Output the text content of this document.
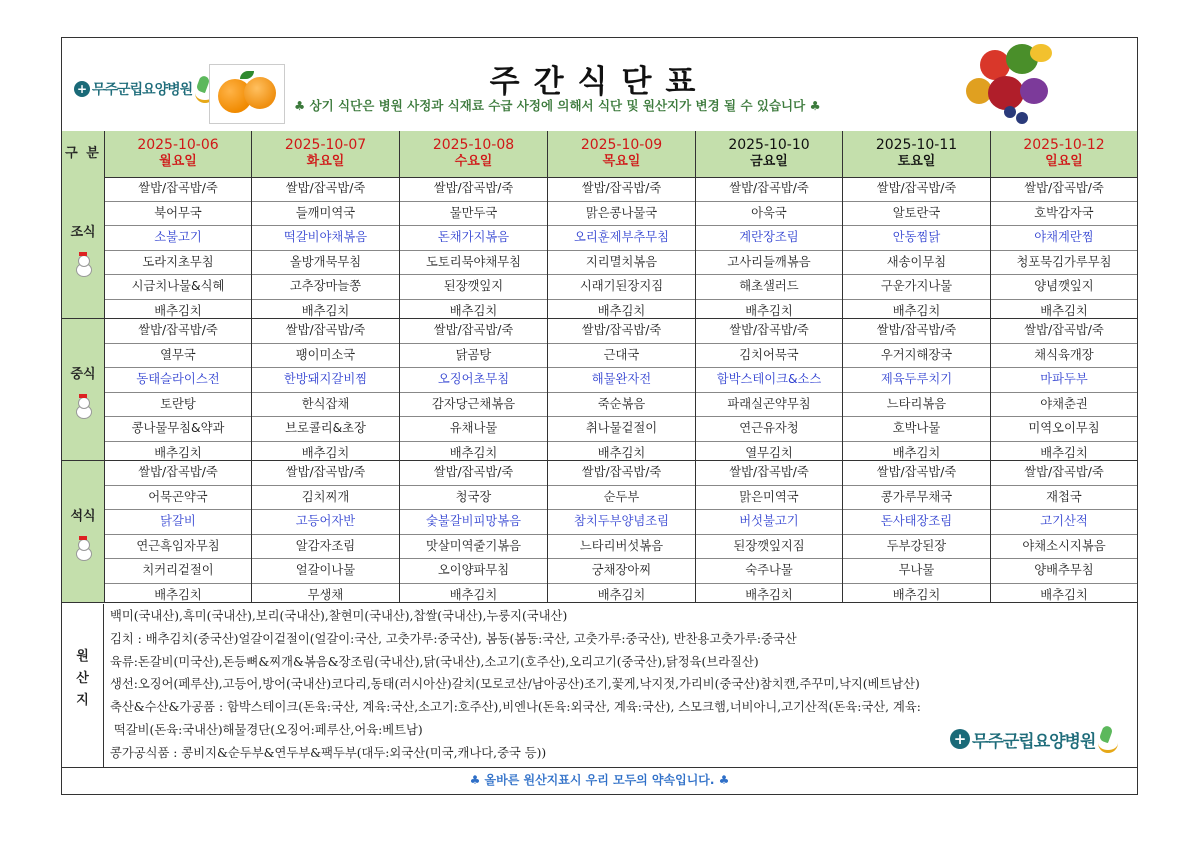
+ 무주군립요양병원	주간식단표
♣ 상기 식단은 병원 사정과 식재료 수급 사정에 의해서 식단 및 원산지가 변경 될 수 있습니다 ♣
구 분
2025-10-06
월요일
2025-10-07
화요일
2025-10-08
수요일
2025-10-09
목요일
2025-10-10
금요일
2025-10-11
토요일
2025-10-12
일요일
조식
쌀밥/잡곡밥/죽
북어무국
소불고기
도라지초무침
시금치나물&식혜
배추김치
쌀밥/잡곡밥/죽
들깨미역국
떡갈비야채볶음
올방개묵무침
고추장마늘쫑
배추김치
쌀밥/잡곡밥/죽
물만두국
돈채가지볶음
도토리묵야채무침
된장깻잎지
배추김치
쌀밥/잡곡밥/죽
맑은콩나물국
오리훈제부추무침
지리멸치볶음
시래기된장지짐
배추김치
쌀밥/잡곡밥/죽
아욱국
계란장조림
고사리들깨볶음
해초샐러드
배추김치
쌀밥/잡곡밥/죽
알토란국
안동찜닭
새송이무침
구운가지나물
배추김치
쌀밥/잡곡밥/죽
호박감자국
야채계란찜
청포묵김가루무침
양념깻잎지
배추김치
중식
쌀밥/잡곡밥/죽
열무국
동태슬라이스전
토란탕
콩나물무침&약과
배추김치
쌀밥/잡곡밥/죽
팽이미소국
한방돼지갈비찜
한식잡채
브로콜리&초장
배추김치
쌀밥/잡곡밥/죽
닭곰탕
오징어초무침
감자당근채볶음
유채나물
배추김치
쌀밥/잡곡밥/죽
근대국
해물완자전
죽순볶음
취나물겉절이
배추김치
쌀밥/잡곡밥/죽
김치어묵국
함박스테이크&소스
파래실곤약무침
연근유자청
열무김치
쌀밥/잡곡밥/죽
우거지해장국
제육두루치기
느타리볶음
호박나물
배추김치
쌀밥/잡곡밥/죽
채식육개장
마파두부
야채춘권
미역오이무침
배추김치
석식
쌀밥/잡곡밥/죽
어묵곤약국
닭갈비
연근흑임자무침
치커리겉절이
배추김치
쌀밥/잡곡밥/죽
김치찌개
고등어자반
알감자조림
얼갈이나물
무생채
쌀밥/잡곡밥/죽
청국장
숯불갈비피망볶음
맛살미역줄기볶음
오이양파무침
배추김치
쌀밥/잡곡밥/죽
순두부
참치두부양념조림
느타리버섯볶음
궁채장아찌
배추김치
쌀밥/잡곡밥/죽
맑은미역국
버섯불고기
된장깻잎지짐
숙주나물
배추김치
쌀밥/잡곡밥/죽
콩가루무채국
돈사태장조림
두부강된장
무나물
배추김치
쌀밥/잡곡밥/죽
재첩국
고기산적
야채소시지볶음
양배추무침
배추김치
원
산
지
백미(국내산),흑미(국내산),보리(국내산),찰현미(국내산),찹쌀(국내산),누룽지(국내산)
김치 : 배추김치(중국산)얼갈이겉절이(얼갈이:국산, 고춧가루:중국산), 봄동(봄동:국산, 고춧가루:중국산), 반찬용고춧가루:중국산
육류:돈갈비(미국산),돈등뼈&찌개&볶음&장조림(국내산),닭(국내산),소고기(호주산),오리고기(중국산),닭정육(브라질산)
생선:오징어(페루산),고등어,방어(국내산)코다리,동태(러시아산)갈치(모로코산/남아공산)조기,꽃게,낙지젓,가리비(중국산)참치캔,주꾸미,낙지(베트남산)
축산&수산&가공품 : 함박스테이크(돈육:국산, 계육:국산,소고기:호주산),비엔나(돈육:외국산, 계육:국산), 스모크햄,너비아니,고기산적(돈육:국산, 계육:
떡갈비(돈육:국내산)해물경단(오징어:페루산,어육:베트남)
콩가공식품 : 콩비지&순두부&연두부&팩두부(대두:외국산(미국,캐나다,중국 등))
+ 무주군립요양병원
♣ 올바른 원산지표시 우리 모두의 약속입니다. ♣
